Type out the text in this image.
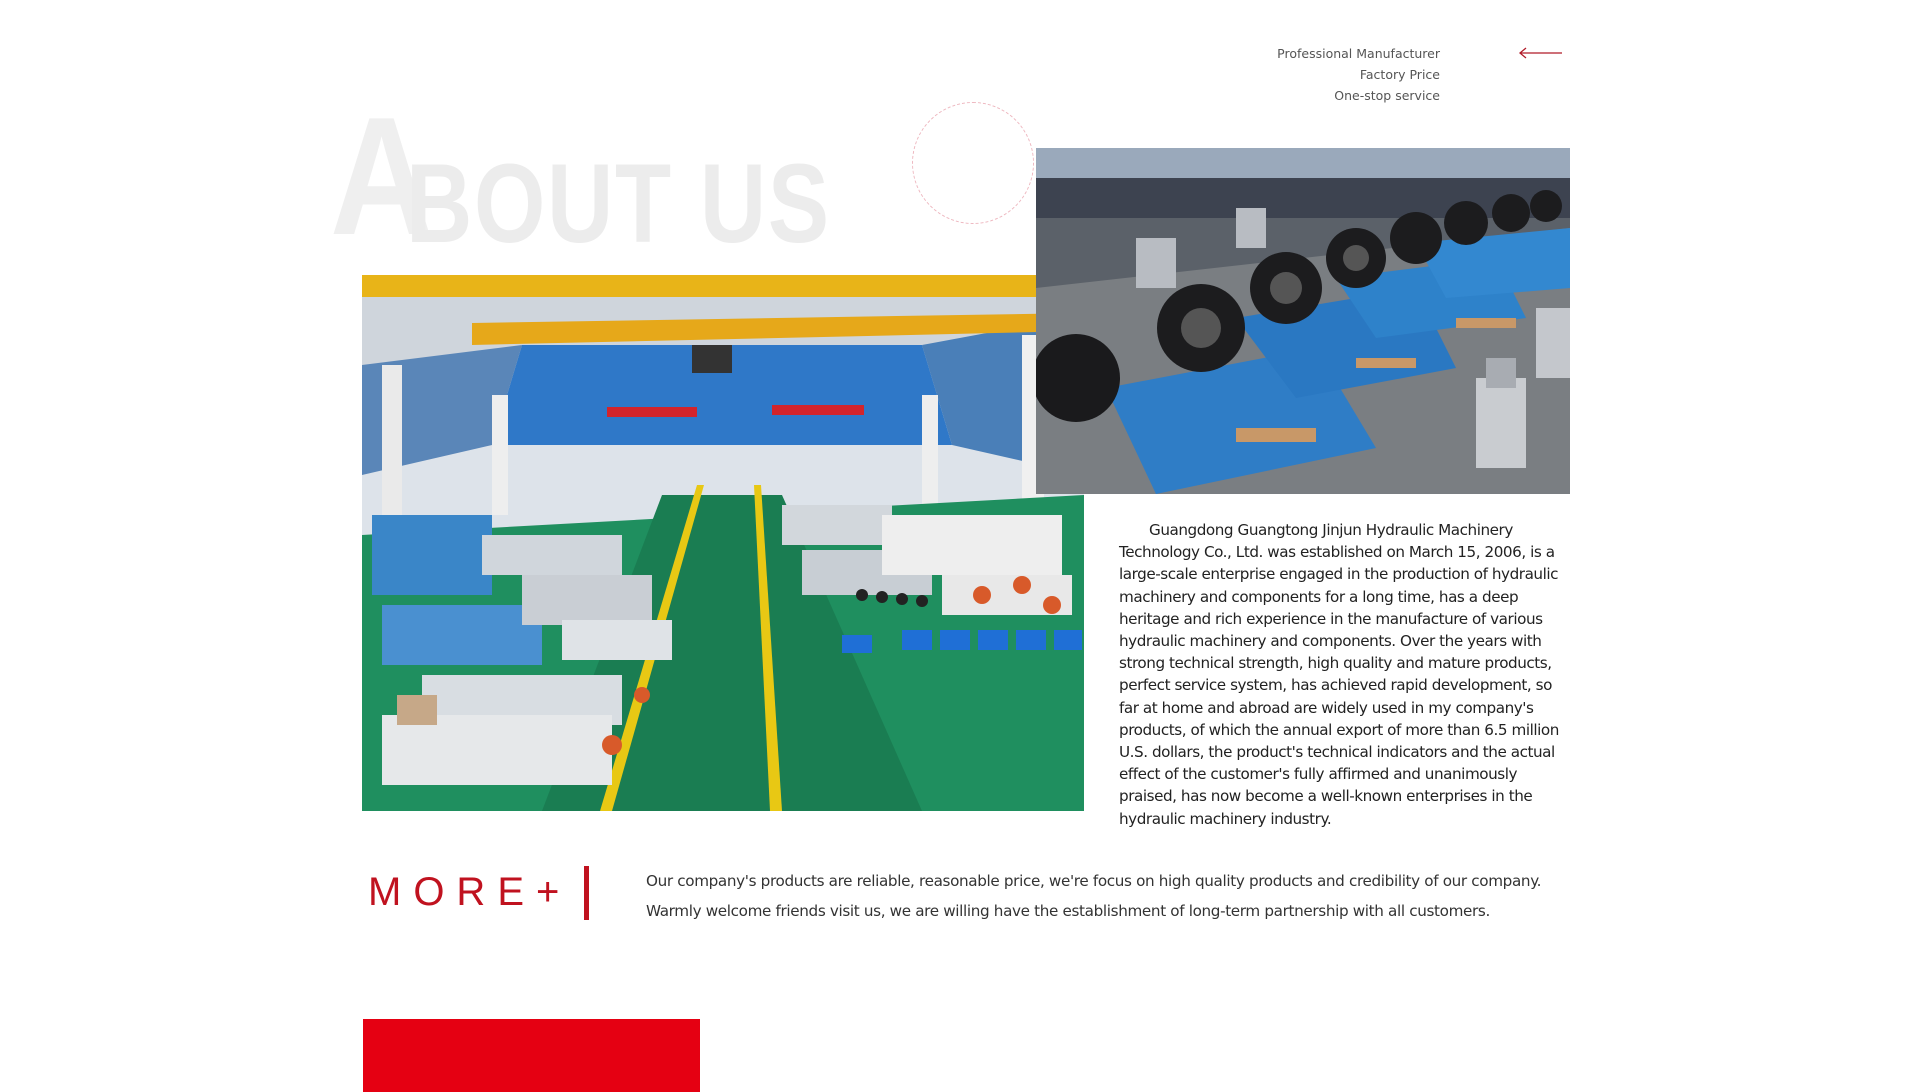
Professional Manufacturer
Factory Price
One-stop service
A
BOUT US

Guangdong Guangtong Jinjun Hydraulic Machinery Technology Co., Ltd. was established on March 15, 2006, is a large-scale enterprise engaged in the production of hydraulic machinery and components for a long time, has a deep heritage and rich experience in the manufacture of various hydraulic machinery and components. Over the years with strong technical strength, high quality and mature products, perfect service system, has achieved rapid development, so far at home and abroad are widely used in my company's products, of which the annual export of more than 6.5 million U.S. dollars, the product's technical indicators and the actual effect of the customer's fully affirmed and unanimously praised, has now become a well-known enterprises in the hydraulic machinery industry.

MORE+	Our company's products are reliable, reasonable price, we're focus on high quality products and credibility of our company.
Warmly welcome friends visit us, we are willing have the establishment of long-term partnership with all customers.
